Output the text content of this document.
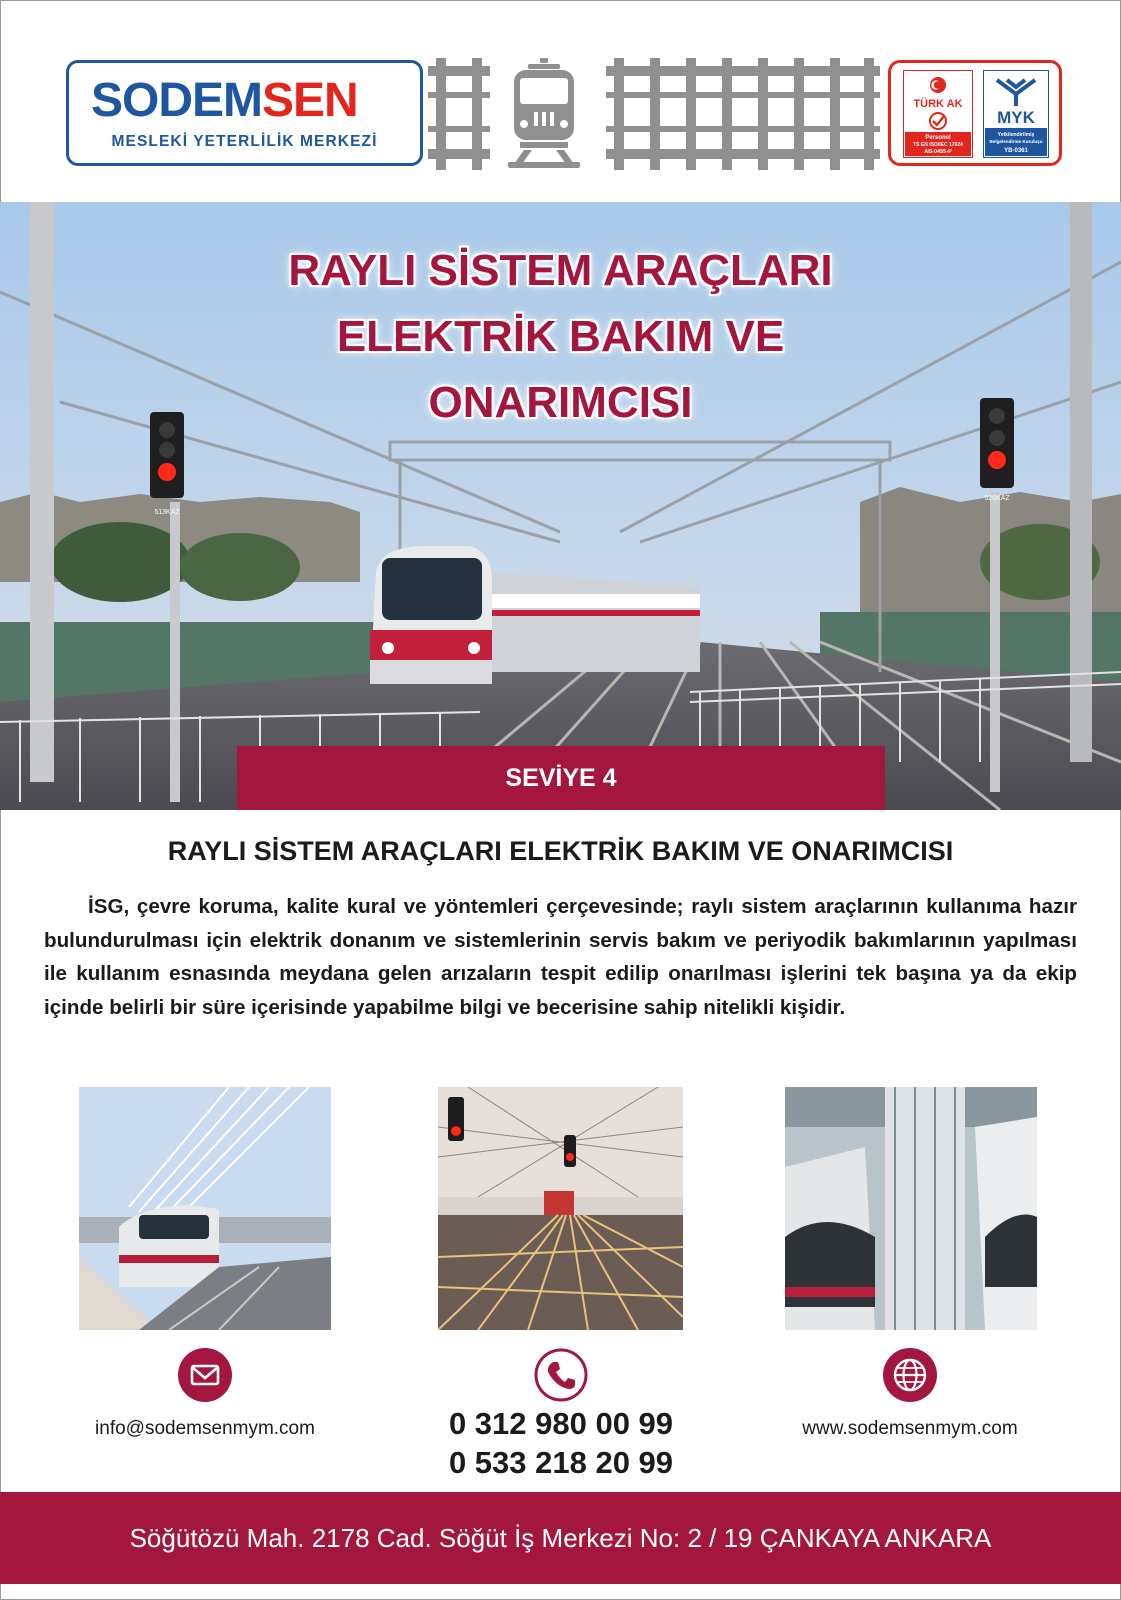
SODEMSEN
MESLEKİ YETERLİLİK MERKEZİ
TÜRK AK
Personel
TS EN ISO/IEC 17024
AB-0455-P
MYK
Yetkilendirilmiş
Belgelendirme Kuruluşu
YB-0361
513KAZ
526KAZ
RAYLI SİSTEM ARAÇLARI
ELEKTRİK BAKIM VE
ONARIMCISI
SEVİYE 4
RAYLI SİSTEM ARAÇLARI ELEKTRİK BAKIM VE ONARIMCISI

İSG, çevre koruma, kalite kural ve yöntemleri çerçevesinde; raylı sistem araçlarının kullanıma hazır bulundurulması için elektrik donanım ve sistemlerinin servis bakım ve periyodik bakımlarının yapılması ile kullanım esnasında meydana gelen arızaların tespit edilip onarılması işlerini tek başına ya da ekip içinde belirli bir süre içerisinde yapabilme bilgi ve becerisine sahip nitelikli kişidir.

info@sodemsenmym.com	0 312 980 00 99
0 533 218 20 99
www.sodemsenmym.com
Söğütözü Mah. 2178 Cad. Söğüt İş Merkezi No: 2 / 19 ÇANKAYA ANKARA
